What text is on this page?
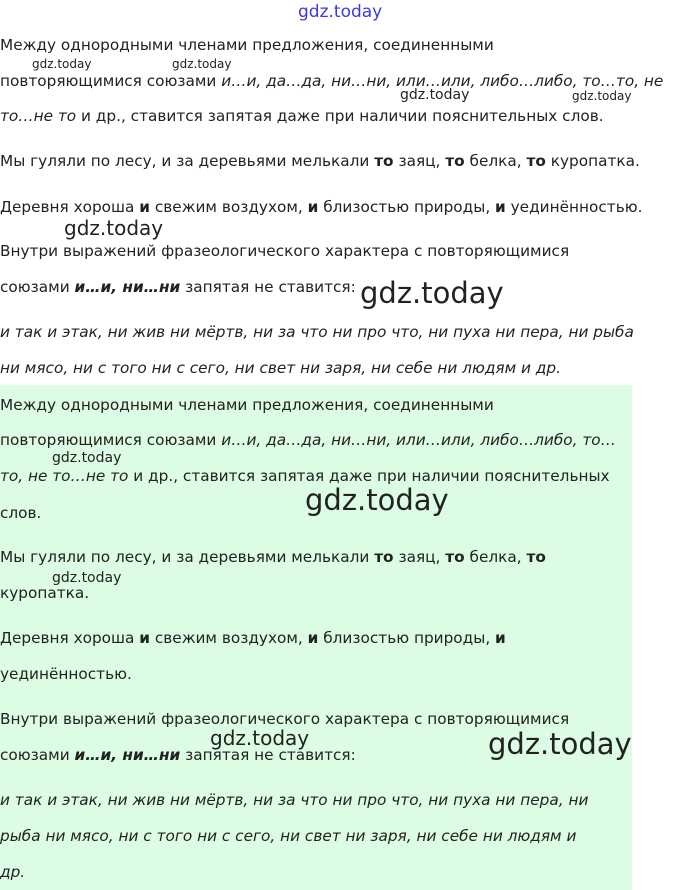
gdz.today
Между однородными членами предложения, соединенными
повторяющимися союзами и…и, да…да, ни…ни, или…или, либо…либо, то…то, не
то…не то и др., ставится запятая даже при наличии пояснительных слов.
Мы гуляли по лесу, и за деревьями мелькали то заяц, то белка, то куропатка.
Деревня хороша и свежим воздухом, и близостью природы, и уединённостью.
Внутри выражений фразеологического характера с повторяющимися
союзами и…и, ни…ни запятая не ставится:
и так и этак, ни жив ни мёртв, ни за что ни про что, ни пуха ни пера, ни рыба
ни мясо, ни с того ни с сего, ни свет ни заря, ни себе ни людям и др.
Между однородными членами предложения, соединенными
повторяющимися союзами и…и, да…да, ни…ни, или…или, либо…либо, то…
то, не то…не то и др., ставится запятая даже при наличии пояснительных
слов.
Мы гуляли по лесу, и за деревьями мелькали то заяц, то белка, то
куропатка.
Деревня хороша и свежим воздухом, и близостью природы, и
уединённостью.
Внутри выражений фразеологического характера с повторяющимися
союзами и…и, ни…ни запятая не ставится:
и так и этак, ни жив ни мёртв, ни за что ни про что, ни пуха ни пера, ни
рыба ни мясо, ни с того ни с сего, ни свет ни заря, ни себе ни людям и
др.
gdz.today	gdz.today
gdz.today	gdz.today
gdz.today
gdz.today
gdz.today
gdz.today
gdz.today
gdz.today	gdz.today
